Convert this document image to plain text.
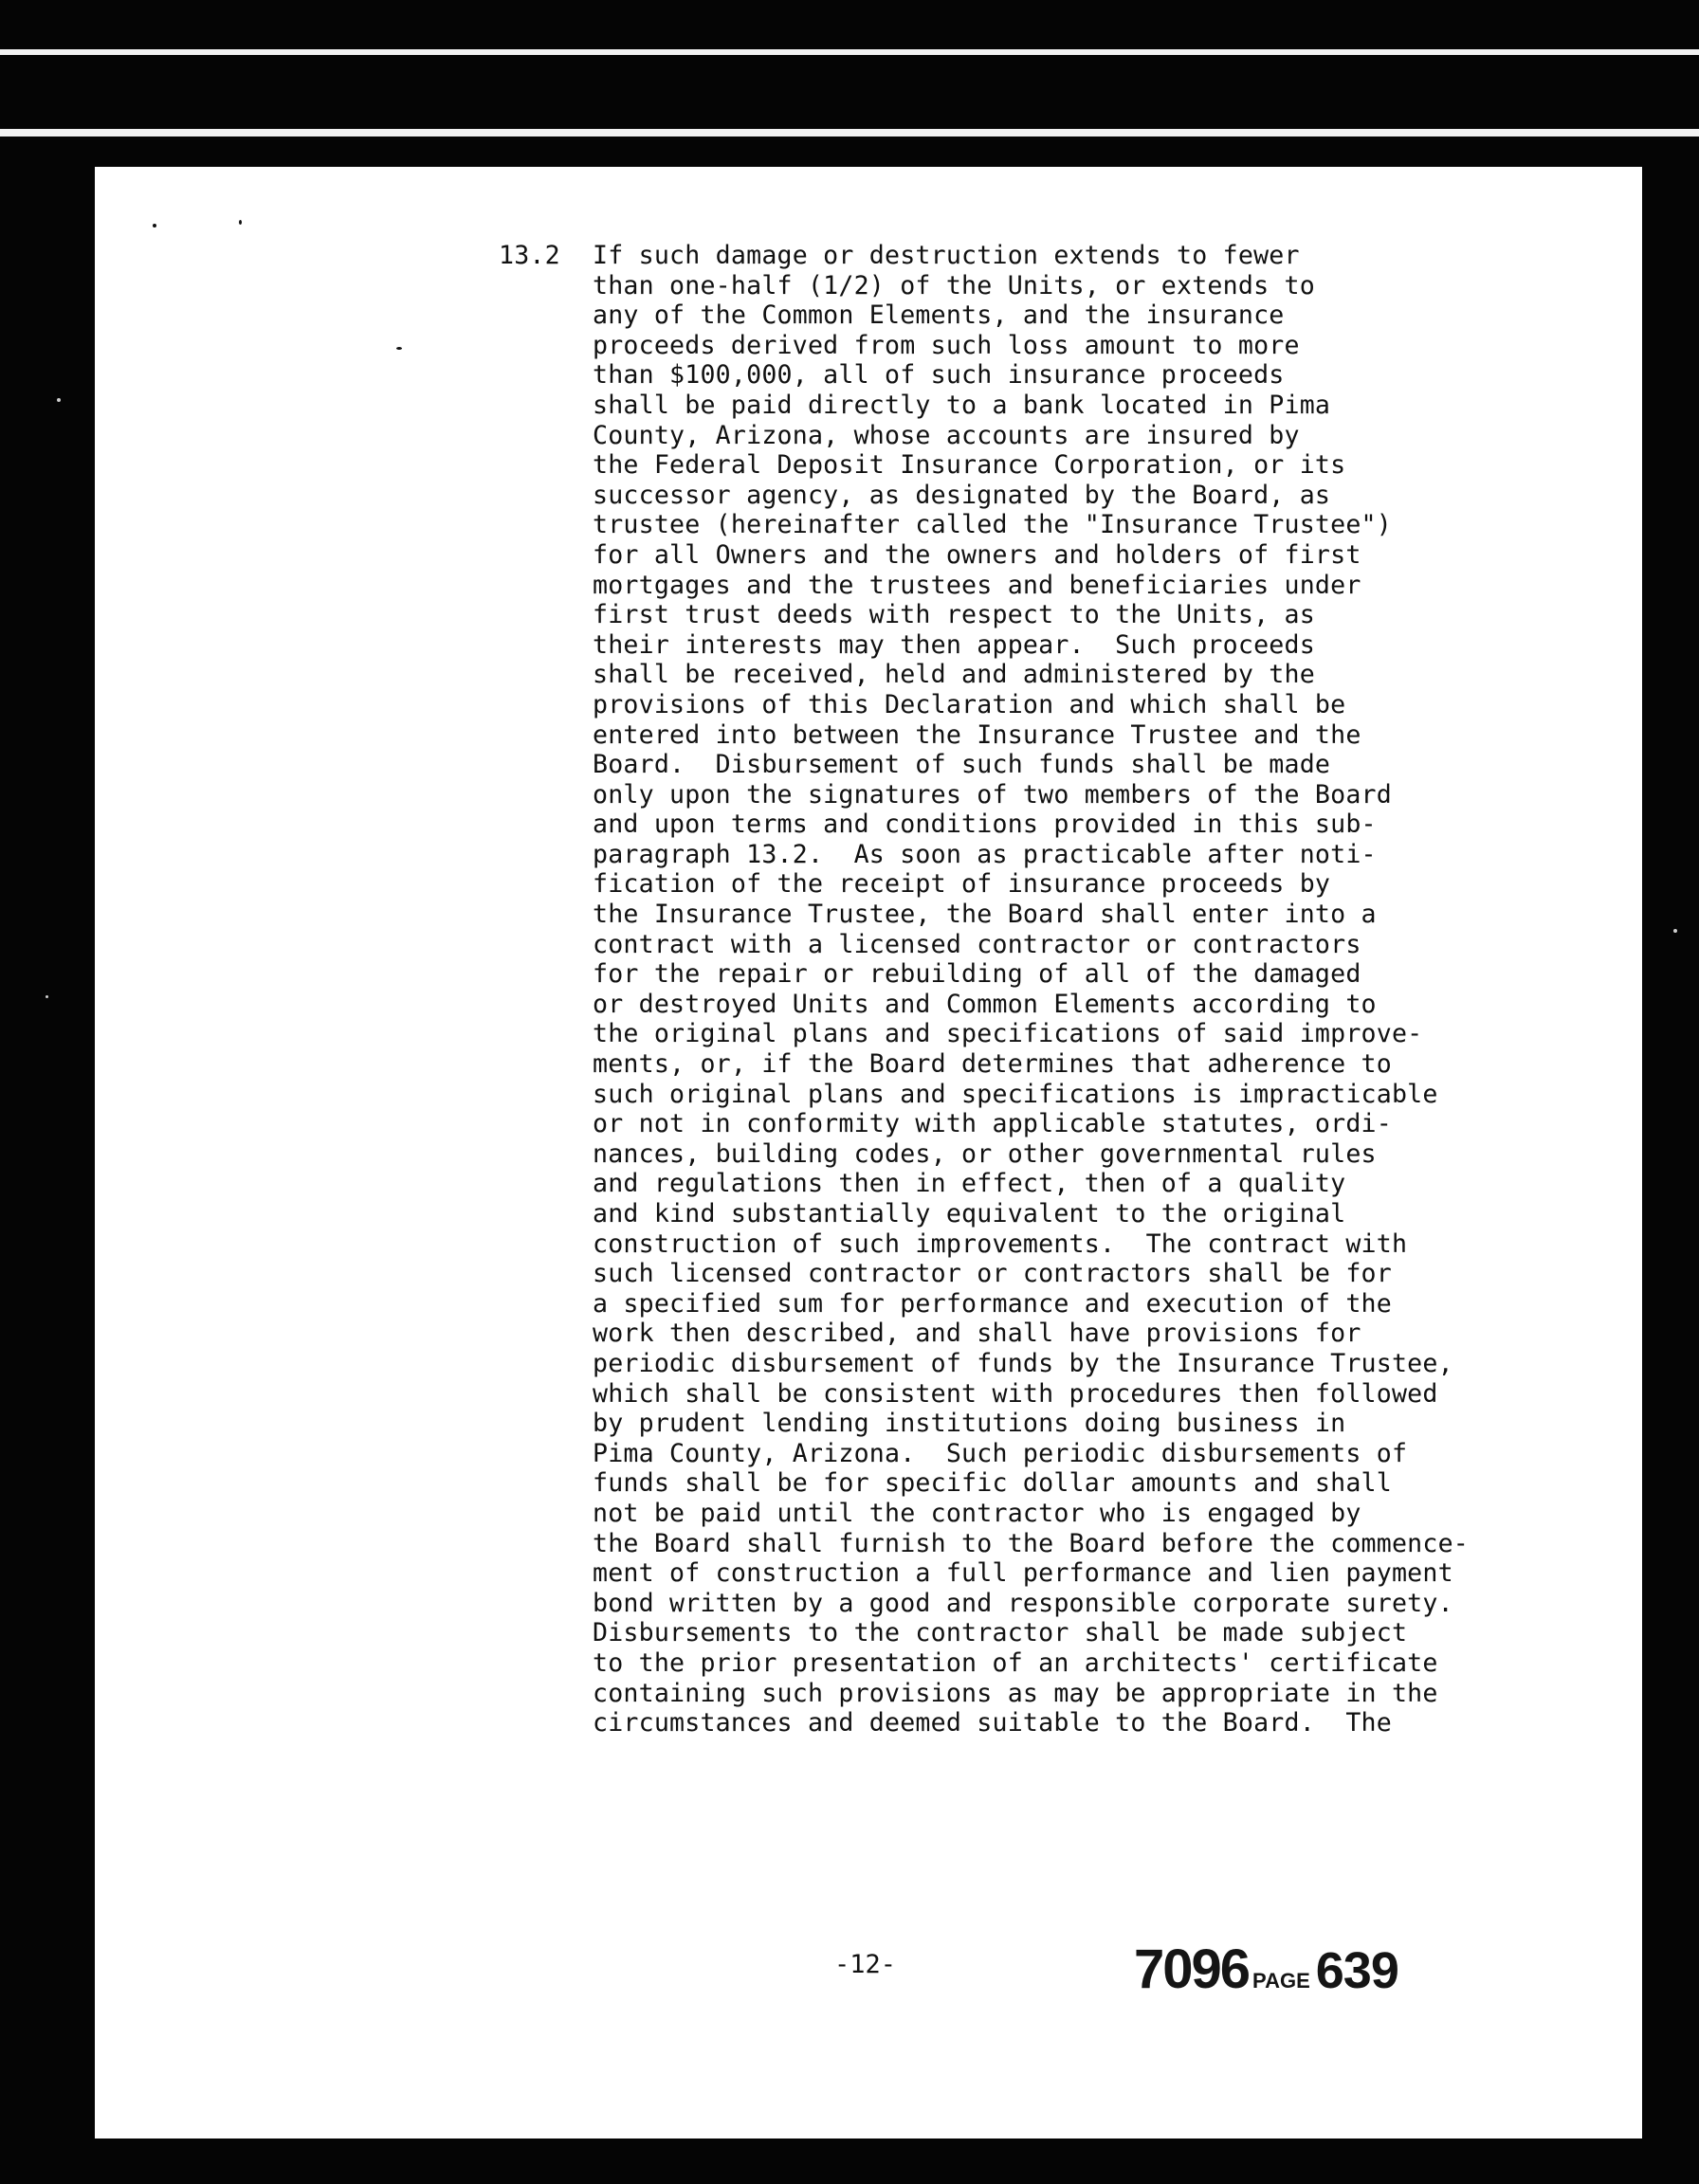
13.2	If such damage or destruction extends to fewer
than one-half (1/2) of the Units, or extends to
any of the Common Elements, and the insurance
proceeds derived from such loss amount to more
than $100,000, all of such insurance proceeds
shall be paid directly to a bank located in Pima
County, Arizona, whose accounts are insured by
the Federal Deposit Insurance Corporation, or its
successor agency, as designated by the Board, as
trustee (hereinafter called the "Insurance Trustee")
for all Owners and the owners and holders of first
mortgages and the trustees and beneficiaries under
first trust deeds with respect to the Units, as
their interests may then appear.  Such proceeds
shall be received, held and administered by the
provisions of this Declaration and which shall be
entered into between the Insurance Trustee and the
Board.  Disbursement of such funds shall be made
only upon the signatures of two members of the Board
and upon terms and conditions provided in this sub-
paragraph 13.2.  As soon as practicable after noti-
fication of the receipt of insurance proceeds by
the Insurance Trustee, the Board shall enter into a
contract with a licensed contractor or contractors
for the repair or rebuilding of all of the damaged
or destroyed Units and Common Elements according to
the original plans and specifications of said improve-
ments, or, if the Board determines that adherence to
such original plans and specifications is impracticable
or not in conformity with applicable statutes, ordi-
nances, building codes, or other governmental rules
and regulations then in effect, then of a quality
and kind substantially equivalent to the original
construction of such improvements.  The contract with
such licensed contractor or contractors shall be for
a specified sum for performance and execution of the
work then described, and shall have provisions for
periodic disbursement of funds by the Insurance Trustee,
which shall be consistent with procedures then followed
by prudent lending institutions doing business in
Pima County, Arizona.  Such periodic disbursements of
funds shall be for specific dollar amounts and shall
not be paid until the contractor who is engaged by
the Board shall furnish to the Board before the commence-
ment of construction a full performance and lien payment
bond written by a good and responsible corporate surety.
Disbursements to the contractor shall be made subject
to the prior presentation of an architects' certificate
containing such provisions as may be appropriate in the
circumstances and deemed suitable to the Board.  The
-12-	7096 PAGE 639
